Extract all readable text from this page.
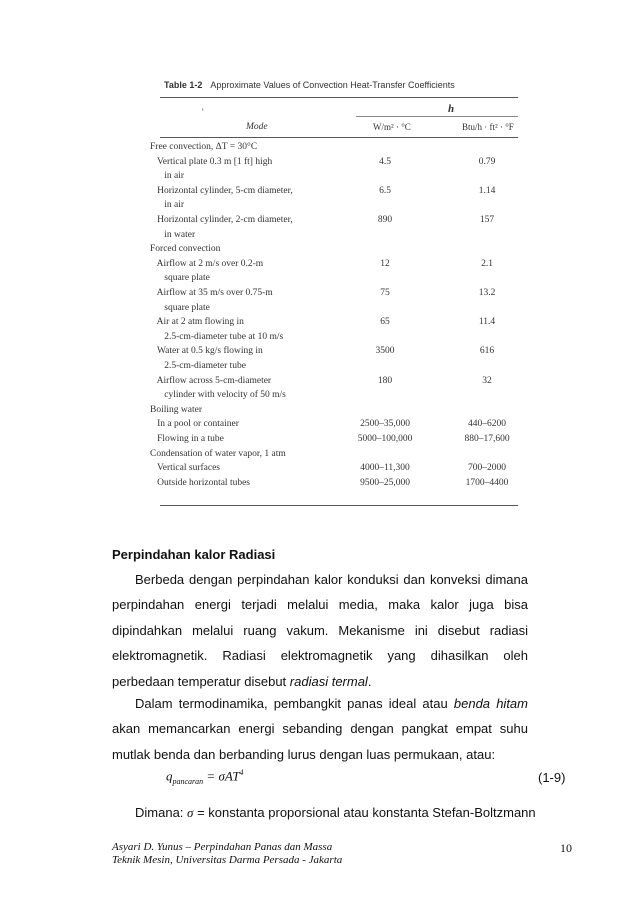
Table 1-2 Approximate Values of Convection Heat-Transfer Coefficients
'	h
Mode	W/m² · °C	Btu/h · ft² · °F
Free convection, ΔT = 30°C
Vertical plate 0.3 m [1 ft] high	4.5	0.79
in air
Horizontal cylinder, 5-cm diameter,	6.5	1.14
in air
Horizontal cylinder, 2-cm diameter,	890	157
in water
Forced convection
Airflow at 2 m/s over 0.2-m	12	2.1
square plate
Airflow at 35 m/s over 0.75-m	75	13.2
square plate
Air at 2 atm flowing in	65	11.4
2.5-cm-diameter tube at 10 m/s
Water at 0.5 kg/s flowing in	3500	616
2.5-cm-diameter tube
Airflow across 5-cm-diameter	180	32
cylinder with velocity of 50 m/s
Boiling water
In a pool or container	2500–35,000	440–6200
Flowing in a tube	5000–100,000	880–17,600
Condensation of water vapor, 1 atm
Vertical surfaces	4000–11,300	700–2000
Outside horizontal tubes	9500–25,000	1700–4400
Perpindahan kalor Radiasi

Berbeda dengan perpindahan kalor konduksi dan konveksi dimana perpindahan energi terjadi melalui media, maka kalor juga bisa dipindahkan melalui ruang vakum. Mekanisme ini disebut radiasi elektromagnetik. Radiasi elektromagnetik yang dihasilkan oleh perbedaan temperatur disebut radiasi termal.

Dalam termodinamika, pembangkit panas ideal atau benda hitam akan memancarkan energi sebanding dengan pangkat empat suhu mutlak benda dan berbanding lurus dengan luas permukaan, atau:

$q_{pancaran} = \sigma AT^4$	(1-9)
Dimana: σ = konstanta proporsional atau konstanta Stefan-Boltzmann
Asyari D. Yunus – Perpindahan Panas dan Massa
Teknik Mesin, Universitas Darma Persada - Jakarta
10
